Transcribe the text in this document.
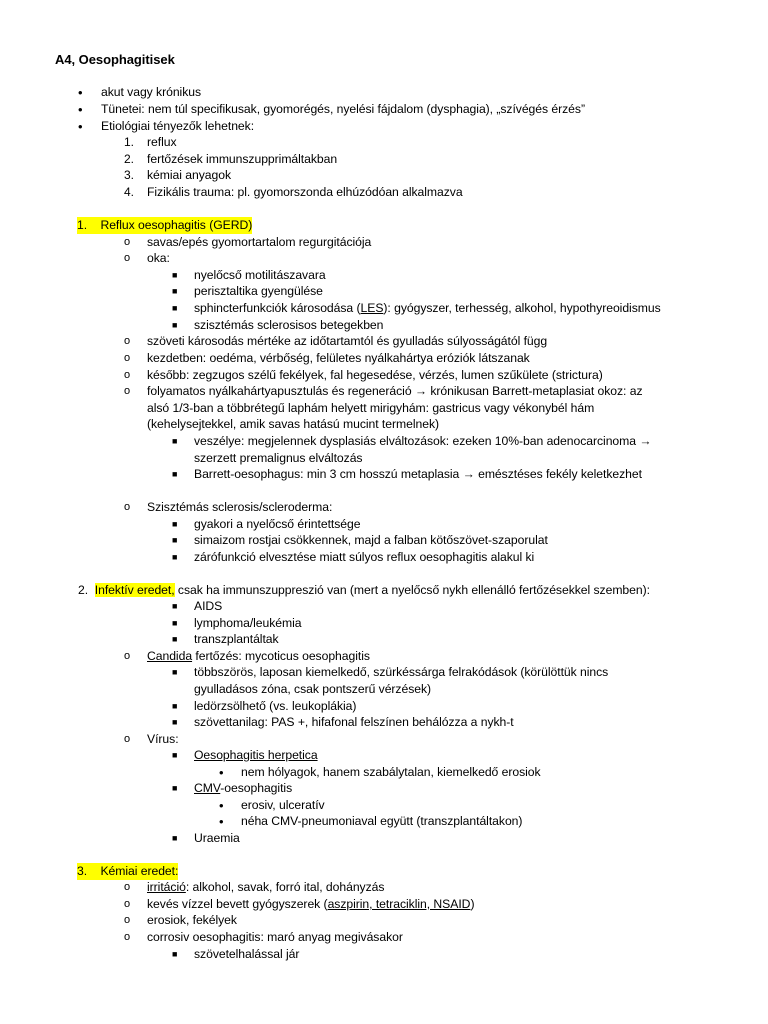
A4, Oesophagitisek
• akut vagy krónikus
• Tünetei: nem túl specifikusak, gyomorégés, nyelési fájdalom (dysphagia), „szívégés érzés”
• Etiológiai tényezők lehetnek:
1. reflux
2. fertőzések immunszupprimáltakban
3. kémiai anyagok
4. Fizikális trauma: pl. gyomorszonda elhúzódóan alkalmazva
1. Reflux oesophagitis (GERD)
o savas/epés gyomortartalom regurgitációja
o oka:
■ nyelőcső motilitászavara
■ perisztaltika gyengülése
■ sphincterfunkciók károsodása (LES): gyógyszer, terhesség, alkohol, hypothyreoidismus
■ szisztémás sclerosisos betegekben
o szöveti károsodás mértéke az időtartamtól és gyulladás súlyosságától függ
o kezdetben: oedéma, vérbőség, felületes nyálkahártya eróziók látszanak
o később: zegzugos szélű fekélyek, fal hegesedése, vérzés, lumen szűkülete (strictura)
o folyamatos nyálkahártyapusztulás és regeneráció → krónikusan Barrett-metaplasiat okoz: az
alsó 1/3-ban a többrétegű laphám helyett mirigyhám: gastricus vagy vékonybél hám
(kehelysejtekkel, amik savas hatású mucint termelnek)
■ veszélye: megjelennek dysplasiás elváltozások: ezeken 10%-ban adenocarcinoma →
szerzett premalignus elváltozás
■ Barrett-oesophagus: min 3 cm hosszú metaplasia → emésztéses fekély keletkezhet
o Szisztémás sclerosis/scleroderma:
■ gyakori a nyelőcső érintettsége
■ simaizom rostjai csökkennek, majd a falban kötőszövet-szaporulat
■ zárófunkció elvesztése miatt súlyos reflux oesophagitis alakul ki
2. Infektív eredet, csak ha immunszuppreszió van (mert a nyelőcső nykh ellenálló fertőzésekkel szemben):
■ AIDS
■ lymphoma/leukémia
■ transzplantáltak
o Candida fertőzés: mycoticus oesophagitis
■ többszörös, laposan kiemelkedő, szürkéssárga felrakódások (körülöttük nincs
gyulladásos zóna, csak pontszerű vérzések)
■ ledörzsölhető (vs. leukoplákia)
■ szövettanilag: PAS +, hifafonal felszínen behálózza a nykh-t
o Vírus:
■ Oesophagitis herpetica
• nem hólyagok, hanem szabálytalan, kiemelkedő erosiok
■ CMV-oesophagitis
• erosiv, ulceratív
• néha CMV-pneumoniaval együtt (transzplantáltakon)
■ Uraemia
3. Kémiai eredet:
o irritáció: alkohol, savak, forró ital, dohányzás
o kevés vízzel bevett gyógyszerek (aszpirin, tetraciklin, NSAID)
o erosiok, fekélyek
o corrosiv oesophagitis: maró anyag megivásakor
■ szövetelhalással jár
